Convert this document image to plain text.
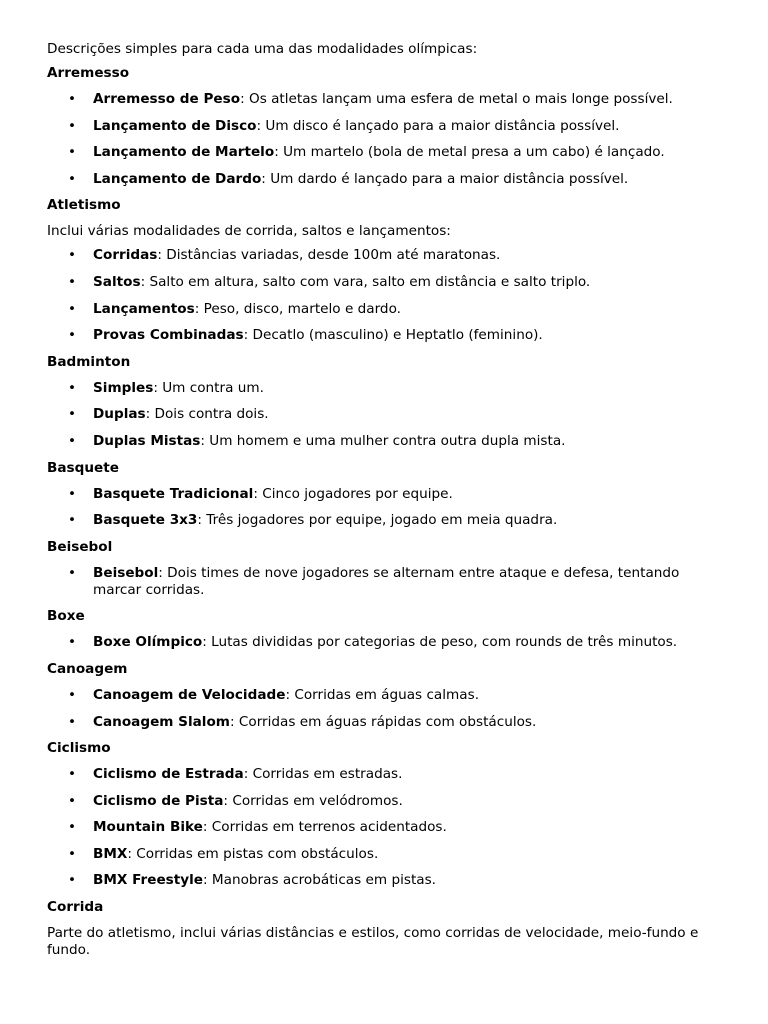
Descrições simples para cada uma das modalidades olímpicas:

Arremesso

• Arremesso de Peso: Os atletas lançam uma esfera de metal o mais longe possível.
• Lançamento de Disco: Um disco é lançado para a maior distância possível.
• Lançamento de Martelo: Um martelo (bola de metal presa a um cabo) é lançado.
• Lançamento de Dardo: Um dardo é lançado para a maior distância possível.

Atletismo

Inclui várias modalidades de corrida, saltos e lançamentos:

• Corridas: Distâncias variadas, desde 100m até maratonas.
• Saltos: Salto em altura, salto com vara, salto em distância e salto triplo.
• Lançamentos: Peso, disco, martelo e dardo.
• Provas Combinadas: Decatlo (masculino) e Heptatlo (feminino).

Badminton

• Simples: Um contra um.
• Duplas: Dois contra dois.
• Duplas Mistas: Um homem e uma mulher contra outra dupla mista.

Basquete

• Basquete Tradicional: Cinco jogadores por equipe.
• Basquete 3x3: Três jogadores por equipe, jogado em meia quadra.

Beisebol

• Beisebol: Dois times de nove jogadores se alternam entre ataque e defesa, tentando marcar corridas.

Boxe

• Boxe Olímpico: Lutas divididas por categorias de peso, com rounds de três minutos.

Canoagem

• Canoagem de Velocidade: Corridas em águas calmas.
• Canoagem Slalom: Corridas em águas rápidas com obstáculos.

Ciclismo

• Ciclismo de Estrada: Corridas em estradas.
• Ciclismo de Pista: Corridas em velódromos.
• Mountain Bike: Corridas em terrenos acidentados.
• BMX: Corridas em pistas com obstáculos.
• BMX Freestyle: Manobras acrobáticas em pistas.

Corrida

Parte do atletismo, inclui várias distâncias e estilos, como corridas de velocidade, meio-fundo e fundo.
